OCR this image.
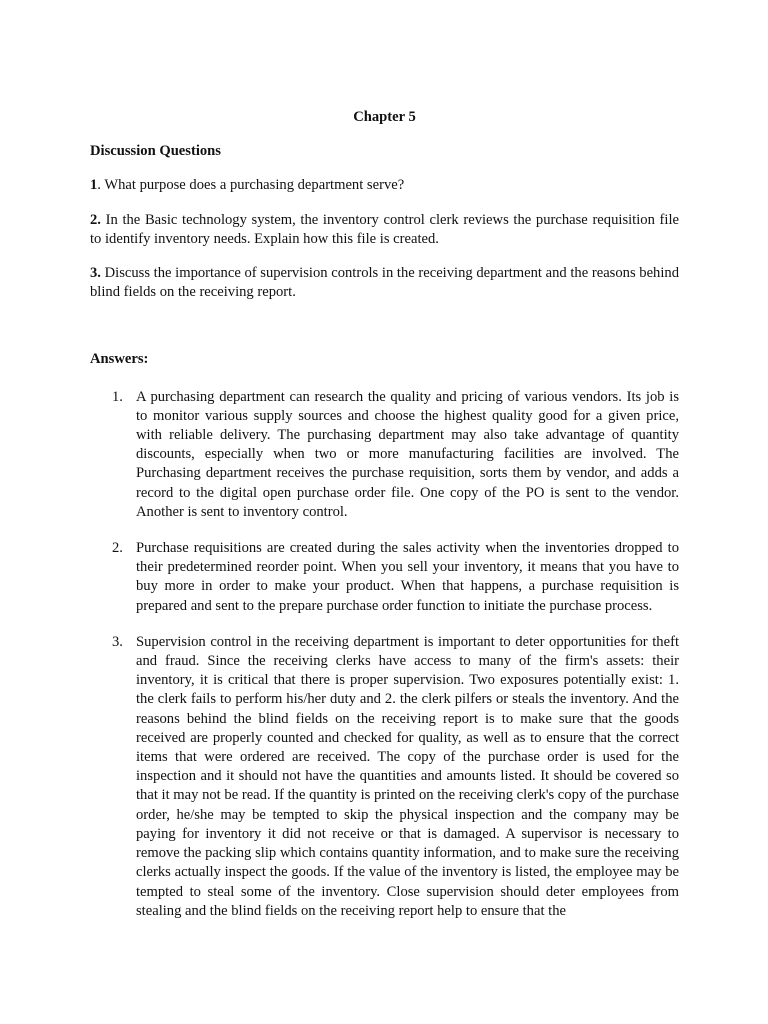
Chapter 5
Discussion Questions
1. What purpose does a purchasing department serve?
2. In the Basic technology system, the inventory control clerk reviews the purchase requisition file to identify inventory needs. Explain how this file is created.
3. Discuss the importance of supervision controls in the receiving department and the reasons behind blind fields on the receiving report.
Answers:
1. A purchasing department can research the quality and pricing of various vendors. Its job is to monitor various supply sources and choose the highest quality good for a given price, with reliable delivery. The purchasing department may also take advantage of quantity discounts, especially when two or more manufacturing facilities are involved. The Purchasing department receives the purchase requisition, sorts them by vendor, and adds a record to the digital open purchase order file. One copy of the PO is sent to the vendor. Another is sent to inventory control.
2. Purchase requisitions are created during the sales activity when the inventories dropped to their predetermined reorder point. When you sell your inventory, it means that you have to buy more in order to make your product. When that happens, a purchase requisition is prepared and sent to the prepare purchase order function to initiate the purchase process.
3. Supervision control in the receiving department is important to deter opportunities for theft and fraud. Since the receiving clerks have access to many of the firm's assets: their inventory, it is critical that there is proper supervision. Two exposures potentially exist: 1. the clerk fails to perform his/her duty and 2. the clerk pilfers or steals the inventory. And the reasons behind the blind fields on the receiving report is to make sure that the goods received are properly counted and checked for quality, as well as to ensure that the correct items that were ordered are received. The copy of the purchase order is used for the inspection and it should not have the quantities and amounts listed. It should be covered so that it may not be read. If the quantity is printed on the receiving clerk's copy of the purchase order, he/she may be tempted to skip the physical inspection and the company may be paying for inventory it did not receive or that is damaged. A supervisor is necessary to remove the packing slip which contains quantity information, and to make sure the receiving clerks actually inspect the goods. If the value of the inventory is listed, the employee may be tempted to steal some of the inventory. Close supervision should deter employees from stealing and the blind fields on the receiving report help to ensure that the
